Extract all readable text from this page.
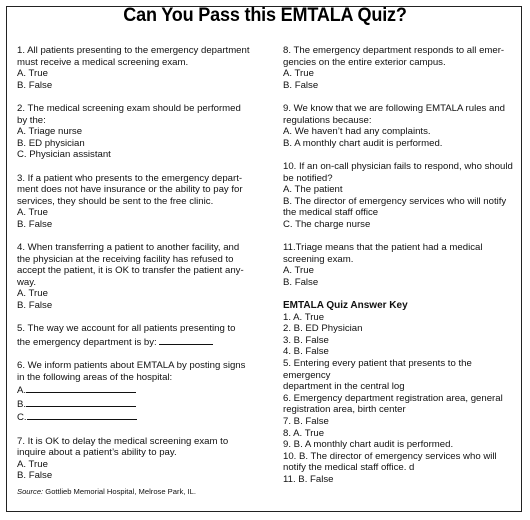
Can You Pass this EMTALA Quiz?
1. All patients presenting to the emergency department
must receive a medical screening exam.
A. True
B. False
2. The medical screening exam should be performed
by the:
A. Triage nurse
B. ED physician
C. Physician assistant
3. If a patient who presents to the emergency depart-
ment does not have insurance or the ability to pay for
services, they should be sent to the free clinic.
A. True
B. False
4. When transferring a patient to another facility, and
the physician at the receiving facility has refused to
accept the patient, it is OK to transfer the patient any-
way.
A. True
B. False
5. The way we account for all patients presenting to
the emergency department is by:
6. We inform patients about EMTALA by posting signs
in the following areas of the hospital:
A.
B.
C.
7. It is OK to delay the medical screening exam to
inquire about a patient’s ability to pay.
A. True
B. False
8. The emergency department responds to all emer-
gencies on the entire exterior campus.
A. True
B. False
9. We know that we are following EMTALA rules and
regulations because:
A. We haven’t had any complaints.
B. A monthly chart audit is performed.
10. If an on-call physician fails to respond, who should
be notified?
A. The patient
B. The director of emergency services who will notify
the medical staff office
C. The charge nurse
11.Triage means that the patient had a medical
screening exam.
A. True
B. False
EMTALA Quiz Answer Key
1. A. True
2. B. ED Physician
3. B. False
4. B. False
5. Entering every patient that presents to the emergency
department in the central log
6. Emergency department registration area, general
registration area, birth center
7. B. False
8. A. True
9. B. A monthly chart audit is performed.
10. B. The director of emergency services who will
notify the medical staff office. d
11. B. False
Source: Gottlieb Memorial Hospital, Melrose Park, IL.
